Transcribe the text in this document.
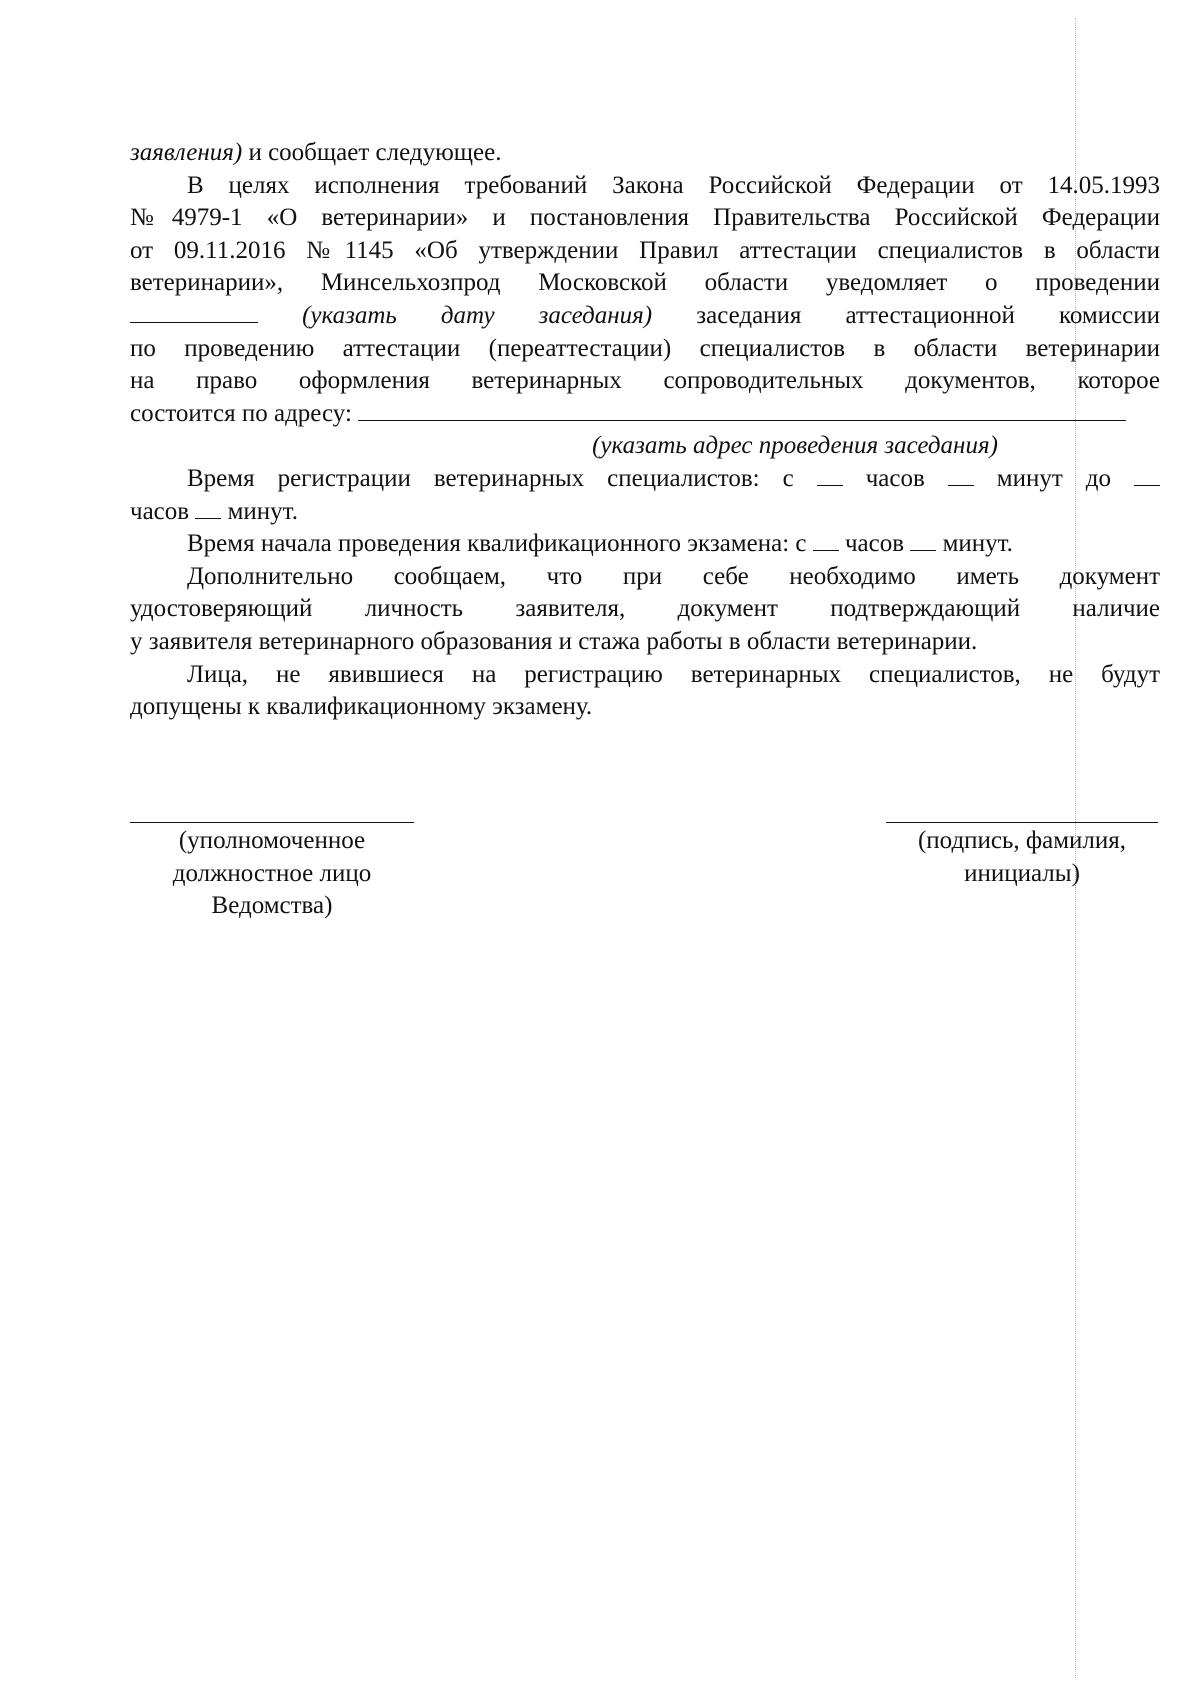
заявления) и сообщает следующее.
В целях исполнения требований Закона Российской Федерации от 14.05.1993
№4979-1 «О ветеринарии» и постановления Правительства Российской Федерации
от 09.11.2016 №1145 «Об утверждении Правил аттестации специалистов в области
ветеринарии», Минсельхозпрод Московской области уведомляет о проведении
(указать дату заседания) заседания аттестационной комиссии
по проведению аттестации (переаттестации) специалистов в области ветеринарии
на право оформления ветеринарных сопроводительных документов, которое
состоится по адресу:
(указать адрес проведения заседания)
Время регистрации ветеринарных специалистов: с	часов	минут до
часов минут.
Время начала проведения квалификационного экзамена: с часов минут.
Дополнительно сообщаем, что при себе необходимо иметь документ
удостоверяющий личность заявителя, документ подтверждающий наличие
у заявителя ветеринарного образования и стажа работы в области ветеринарии.
Лица, не явившиеся на регистрацию ветеринарных специалистов, не будут
допущены к квалификационному экзамену.
(уполномоченное
должностное лицо
Ведомства)
(подпись, фамилия,
инициалы)
